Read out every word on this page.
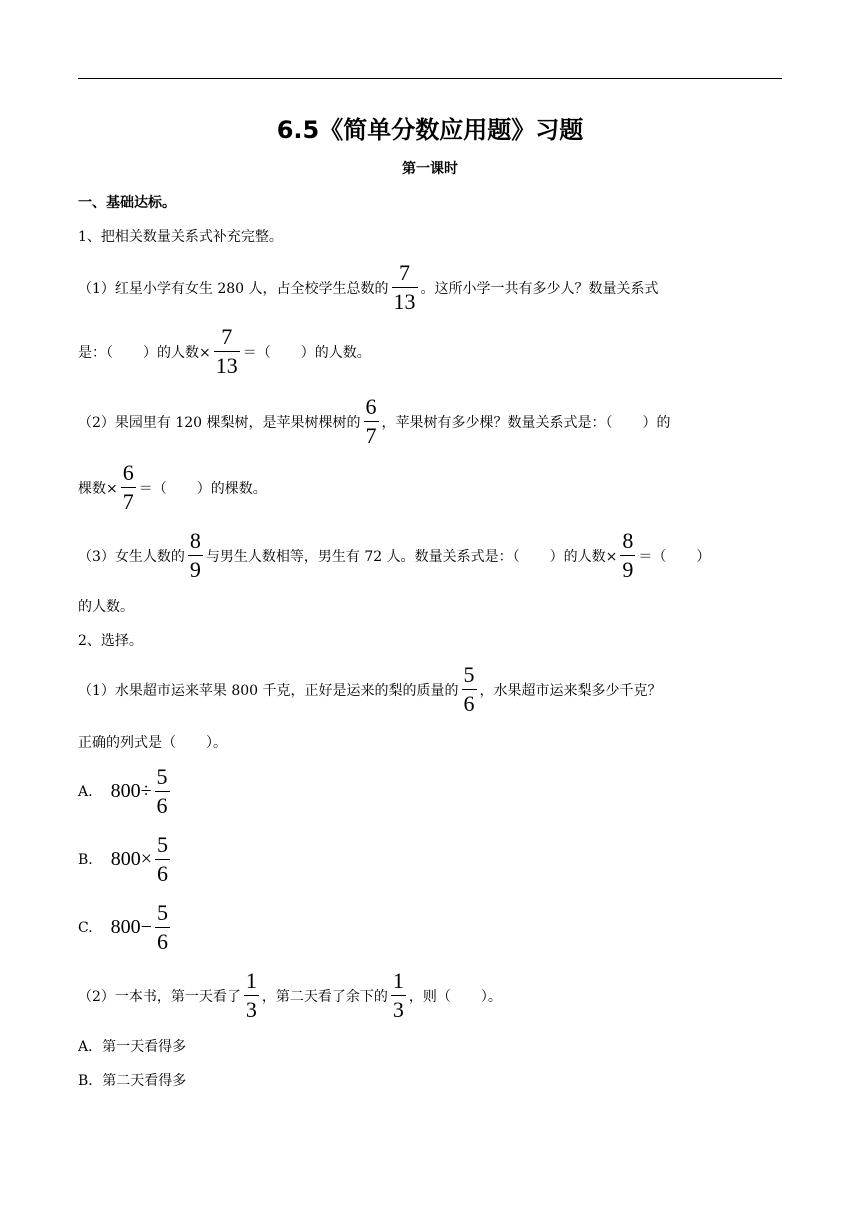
6.5《简单分数应用题》习题
第一课时
一、基础达标。
1、把相关数量关系式补充完整。
（1）红星小学有女生 280 人，占全校学生总数的 $\frac{7}{13}$ 。这所小学一共有多少人？数量关系式
是：（ ）的人数× $\frac{7}{13}$ ＝（ ）的人数。
（2）果园里有 120 棵梨树，是苹果树棵树的 $\frac{6}{7}$ ，苹果树有多少棵？数量关系式是：（ ）的
棵数× $\frac{6}{7}$ ＝（ ）的棵数。
（3）女生人数的 $\frac{8}{9}$ 与男生人数相等，男生有 72 人。数量关系式是：（ ）的人数× $\frac{8}{9}$ ＝（ ）
的人数。
2、选择。
（1）水果超市运来苹果 800 千克，正好是运来的梨的质量的 $\frac{5}{6}$ ，水果超市运来梨多少千克？
正确的列式是（ ）。
A. $800 \div \frac{5}{6}$
B. $800 \times \frac{5}{6}$
C. $800 - \frac{5}{6}$
（2）一本书，第一天看了 $\frac{1}{3}$ ，第二天看了余下的 $\frac{1}{3}$ ，则（ ）。
A．第一天看得多
B．第二天看得多
